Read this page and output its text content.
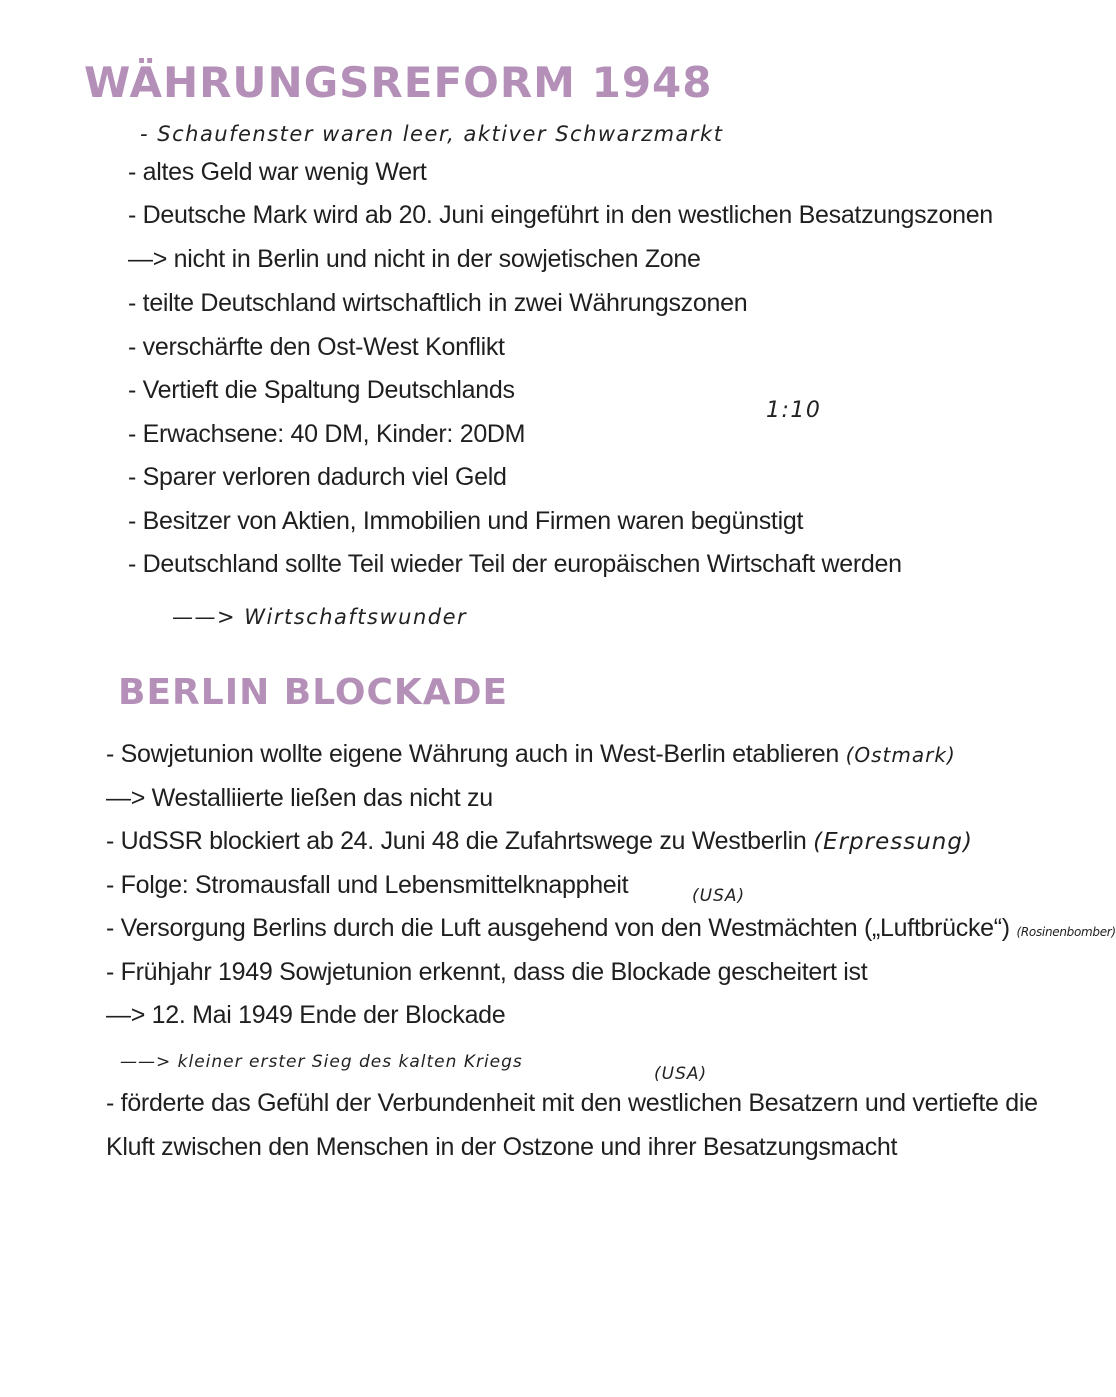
WÄHRUNGSREFORM 1948
- Schaufenster waren leer, aktiver Schwarzmarkt
- altes Geld war wenig Wert
- Deutsche Mark wird ab 20. Juni eingeführt in den westlichen Besatzungszonen
—> nicht in Berlin und nicht in der sowjetischen Zone
- teilte Deutschland wirtschaftlich in zwei Währungszonen
- verschärfte den Ost-West Konflikt
- Vertieft die Spaltung Deutschlands
1:10
- Erwachsene: 40 DM, Kinder: 20DM
- Sparer verloren dadurch viel Geld
- Besitzer von Aktien, Immobilien und Firmen waren begünstigt
- Deutschland sollte Teil wieder Teil der europäischen Wirtschaft werden
——> Wirtschaftswunder
BERLIN BLOCKADE
- Sowjetunion wollte eigene Währung auch in West-Berlin etablieren (Ostmark)
—> Westalliierte ließen das nicht zu
- UdSSR blockiert ab 24. Juni 48 die Zufahrtswege zu Westberlin (Erpressung)
- Folge: Stromausfall und Lebensmittelknappheit	(USA)
- Versorgung Berlins durch die Luft ausgehend von den Westmächten („Luftbrücke“) (Rosinenbomber)
- Frühjahr 1949 Sowjetunion erkennt, dass die Blockade gescheitert ist
—> 12. Mai 1949 Ende der Blockade
——> kleiner erster Sieg des kalten Kriegs
(USA)
- förderte das Gefühl der Verbundenheit mit den westlichen Besatzern und vertiefte die
Kluft zwischen den Menschen in der Ostzone und ihrer Besatzungsmacht
